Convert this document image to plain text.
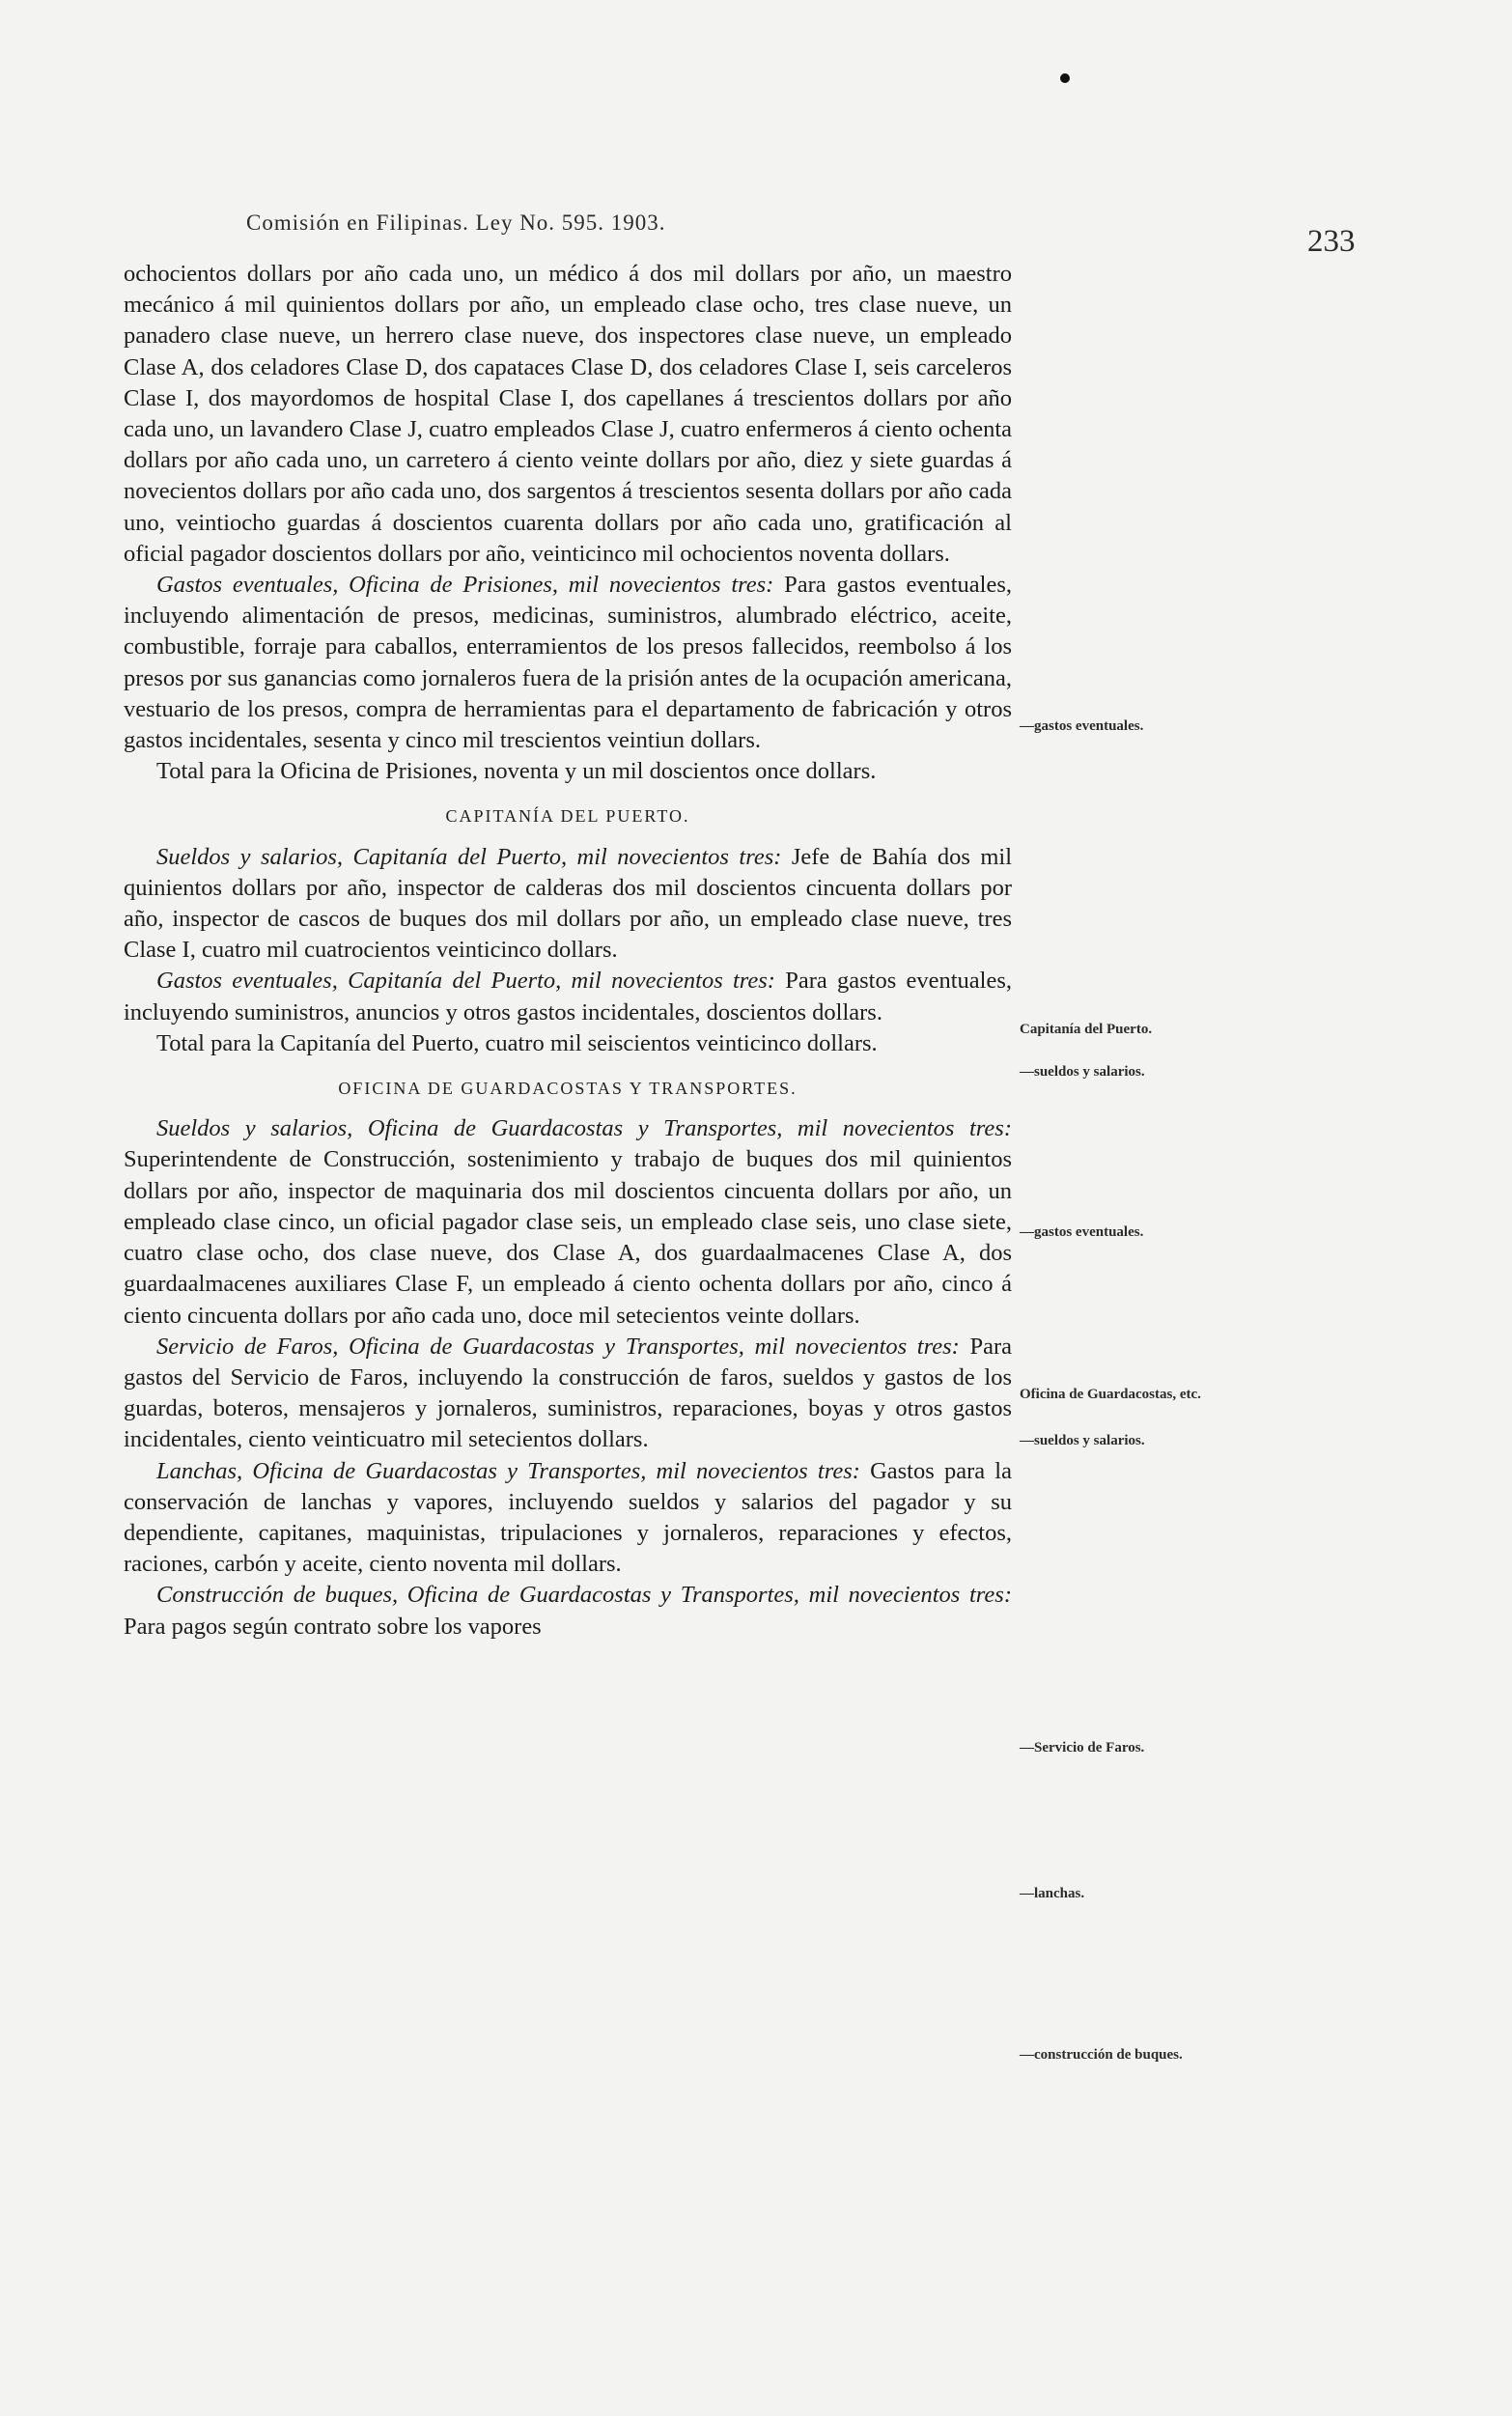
Comisión en Filipinas. Ley No. 595. 1903.
233

ochocientos dollars por año cada uno, un médico á dos mil dollars por año, un maestro mecánico á mil quinientos dollars por año, un empleado clase ocho, tres clase nueve, un panadero clase nueve, un herrero clase nueve, dos inspectores clase nueve, un empleado Clase A, dos celadores Clase D, dos capataces Clase D, dos celadores Clase I, seis carceleros Clase I, dos mayordomos de hospital Clase I, dos capellanes á trescientos dollars por año cada uno, un lavandero Clase J, cuatro empleados Clase J, cuatro enfermeros á ciento ochenta dollars por año cada uno, un carretero á ciento veinte dollars por año, diez y siete guardas á novecientos dollars por año cada uno, dos sargentos á trescientos sesenta dollars por año cada uno, veintiocho guardas á doscientos cuarenta dollars por año cada uno, gratificación al oficial pagador doscientos dollars por año, veinticinco mil ochocientos noventa dollars.

Gastos eventuales, Oficina de Prisiones, mil novecientos tres: Para gastos eventuales, incluyendo alimentación de presos, medicinas, suministros, alumbrado eléctrico, aceite, combustible, forraje para caballos, enterramientos de los presos fallecidos, reembolso á los presos por sus ganancias como jornaleros fuera de la prisión antes de la ocupación americana, vestuario de los presos, compra de herramientas para el departamento de fabricación y otros gastos incidentales, sesenta y cinco mil trescientos veintiun dollars.

Total para la Oficina de Prisiones, noventa y un mil doscientos once dollars.

CAPITANÍA DEL PUERTO.

Sueldos y salarios, Capitanía del Puerto, mil novecientos tres: Jefe de Bahía dos mil quinientos dollars por año, inspector de calderas dos mil doscientos cincuenta dollars por año, inspector de cascos de buques dos mil dollars por año, un empleado clase nueve, tres Clase I, cuatro mil cuatrocientos veinticinco dollars.

Gastos eventuales, Capitanía del Puerto, mil novecientos tres: Para gastos eventuales, incluyendo suministros, anuncios y otros gastos incidentales, doscientos dollars.

Total para la Capitanía del Puerto, cuatro mil seiscientos veinticinco dollars.

OFICINA DE GUARDACOSTAS Y TRANSPORTES.

Sueldos y salarios, Oficina de Guardacostas y Transportes, mil novecientos tres: Superintendente de Construcción, sostenimiento y trabajo de buques dos mil quinientos dollars por año, inspector de maquinaria dos mil doscientos cincuenta dollars por año, un empleado clase cinco, un oficial pagador clase seis, un empleado clase seis, uno clase siete, cuatro clase ocho, dos clase nueve, dos Clase A, dos guardaalmacenes Clase A, dos guardaalmacenes auxiliares Clase F, un empleado á ciento ochenta dollars por año, cinco á ciento cincuenta dollars por año cada uno, doce mil setecientos veinte dollars.

Servicio de Faros, Oficina de Guardacostas y Transportes, mil novecientos tres: Para gastos del Servicio de Faros, incluyendo la construcción de faros, sueldos y gastos de los guardas, boteros, mensajeros y jornaleros, suministros, reparaciones, boyas y otros gastos incidentales, ciento veinticuatro mil setecientos dollars.

Lanchas, Oficina de Guardacostas y Transportes, mil novecientos tres: Gastos para la conservación de lanchas y vapores, incluyendo sueldos y salarios del pagador y su dependiente, capitanes, maquinistas, tripulaciones y jornaleros, reparaciones y efectos, raciones, carbón y aceite, ciento noventa mil dollars.

Construcción de buques, Oficina de Guardacostas y Transportes, mil novecientos tres: Para pagos según contrato sobre los vapores

—gastos eventuales.
Capitanía del Puerto.
—sueldos y salarios.
—gastos eventuales.
Oficina de Guardacostas, etc.
—sueldos y salarios.
—Servicio de Faros.
—lanchas.
—construcción de buques.
